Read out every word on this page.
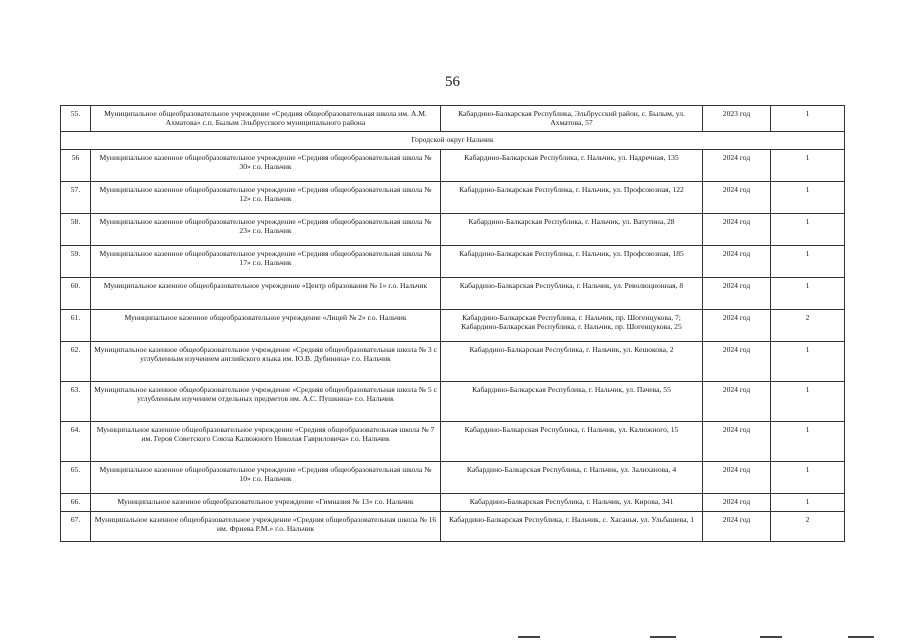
56
55.	Муниципальное общеобразовательное учреждение «Средняя общеобразовательная школа им. А.М. Ахматова» с.п. Былым Эльбрусского муниципального района	Кабардино-Балкарская Республика, Эльбрусский район, с. Былым, ул. Ахматова, 57	2023 год	1
Городской округ Нальчик				
56	Муниципальное казенное общеобразовательное учреждение «Средняя общеобразовательная школа № 30» г.о. Нальчик	Кабардино-Балкарская Республика, г. Нальчик, ул. Надречная, 135	2024 год	1
57.	Муниципальное казенное общеобразовательное учреждение «Средняя общеобразовательная школа № 12» г.о. Нальчик	Кабардино-Балкарская Республика, г. Нальчик, ул. Профсоюзная, 122	2024 год	1
58.	Муниципальное казенное общеобразовательное учреждение «Средняя общеобразовательная школа № 23» г.о. Нальчик	Кабардино-Балкарская Республика, г. Нальчик, ул. Ватутина, 28	2024 год	1
59.	Муниципальное казенное общеобразовательное учреждение «Средняя общеобразовательная школа № 17» г.о. Нальчик	Кабардино-Балкарская Республика, г. Нальчик, ул. Профсоюзная, 185	2024 год	1
60.	Муниципальное казенное общеобразовательное учреждение «Центр образования № 1» г.о. Нальчик	Кабардино-Балкарская Республика, г. Нальчик, ул. Революционная, 8	2024 год	1
61.	Муниципальное казенное общеобразовательное учреждение «Лицей № 2» г.о. Нальчик	Кабардино-Балкарская Республика, г. Нальчик, пр. Шогенцукова, 7; Кабардино-Балкарская Республика, г. Нальчик, пр. Шогенцукова, 25	2024 год	2
62.	Муниципальное казенное общеобразовательное учреждение «Средняя общеобразовательная школа № 3 с углубленным изучением английского языка им. Ю.В. Дубинина» г.о. Нальчик	Кабардино-Балкарская Республика, г. Нальчик, ул. Кешокова, 2	2024 год	1
63.	Муниципальное казенное общеобразовательное учреждение «Средняя общеобразовательная школа № 5 с углубленным изучением отдельных предметов им. А.С. Пушкина» г.о. Нальчик	Кабардино-Балкарская Республика, г. Нальчик, ул. Пачева, 55	2024 год	1
64.	Муниципальное казенное общеобразовательное учреждение «Средняя общеобразовательная школа № 7 им. Героя Советского Союза Калюжного Николая Гавриловича» г.о. Нальчик	Кабардино-Балкарская Республика, г. Нальчик, ул. Калюжного, 15	2024 год	1
65.	Муниципальное казенное общеобразовательное учреждение «Средняя общеобразовательная школа № 10» г.о. Нальчик	Кабардино-Балкарская Республика, г. Нальчик, ул. Залиханова, 4	2024 год	1
66.	Муниципальное казенное общеобразовательное учреждение «Гимназия № 13» г.о. Нальчик	Кабардино-Балкарская Республика, г. Нальчик, ул. Кирова, 341	2024 год	1
67.	Муниципальное казенное общеобразовательное учреждение «Средняя общеобразовательная школа № 16 им. Фриева Р.М.» г.о. Нальчик	Кабардино-Балкарская Республика, г. Нальчик, с. Хасанья, ул. Ульбашева, 1	2024 год	2
